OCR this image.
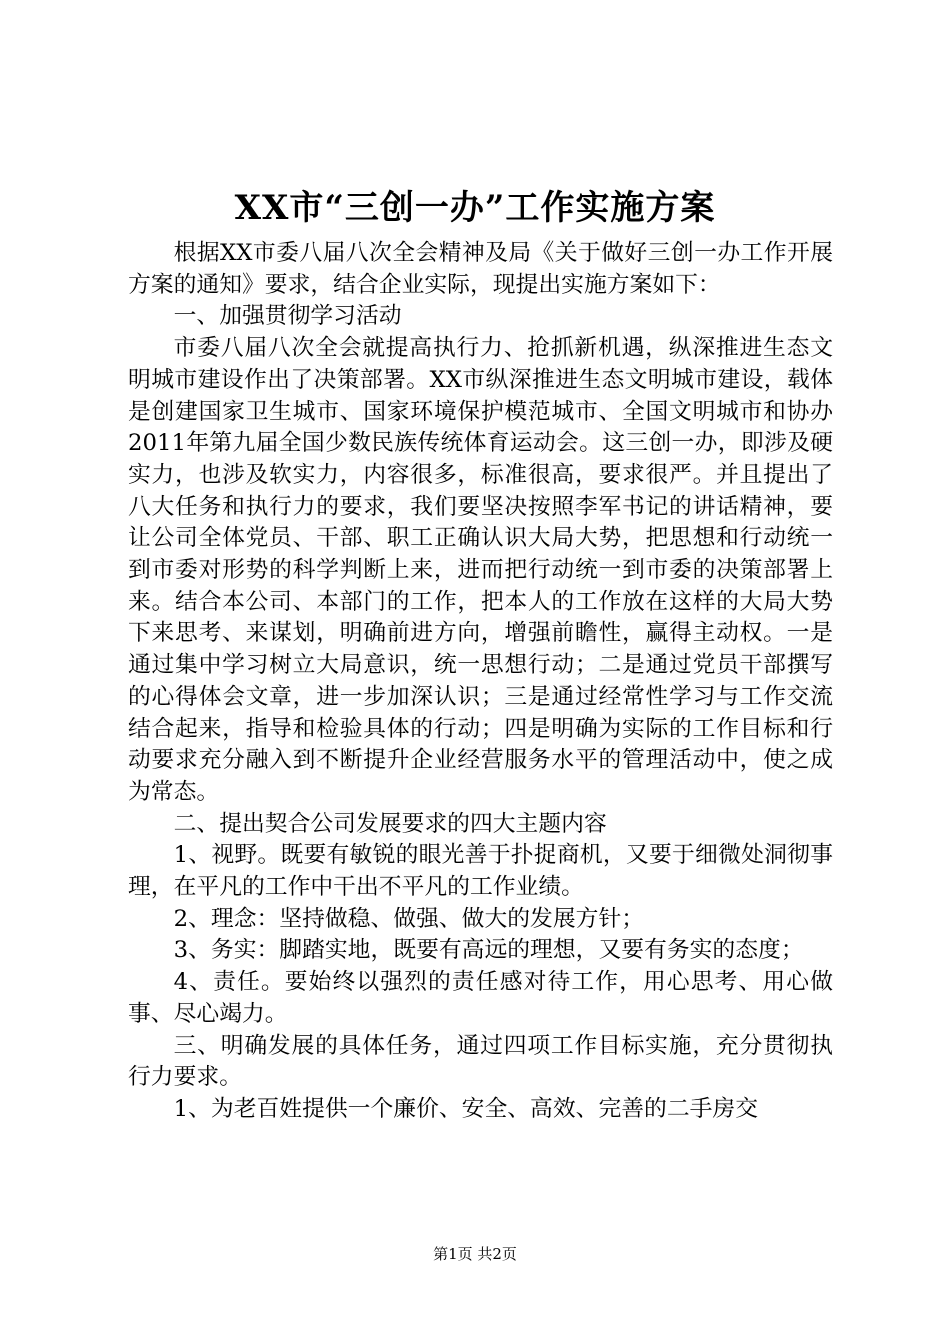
XX市“三创一办”工作实施方案

根据XX市委八届八次全会精神及局《关于做好三创一办工作开展方案的通知》要求，结合企业实际，现提出实施方案如下：

一、加强贯彻学习活动

市委八届八次全会就提高执行力、抢抓新机遇，纵深推进生态文明城市建设作出了决策部署。XX市纵深推进生态文明城市建设，载体是创建国家卫生城市、国家环境保护模范城市、全国文明城市和协办2011年第九届全国少数民族传统体育运动会。这三创一办，即涉及硬实力，也涉及软实力，内容很多，标准很高，要求很严。并且提出了八大任务和执行力的要求，我们要坚决按照李军书记的讲话精神，要让公司全体党员、干部、职工正确认识大局大势，把思想和行动统一到市委对形势的科学判断上来，进而把行动统一到市委的决策部署上来。结合本公司、本部门的工作，把本人的工作放在这样的大局大势下来思考、来谋划，明确前进方向，增强前瞻性，赢得主动权。一是通过集中学习树立大局意识，统一思想行动；二是通过党员干部撰写的心得体会文章，进一步加深认识；三是通过经常性学习与工作交流结合起来，指导和检验具体的行动；四是明确为实际的工作目标和行动要求充分融入到不断提升企业经营服务水平的管理活动中，使之成为常态。

二、提出契合公司发展要求的四大主题内容

1、视野。既要有敏锐的眼光善于扑捉商机，又要于细微处洞彻事理，在平凡的工作中干出不平凡的工作业绩。

2、理念：坚持做稳、做强、做大的发展方针；

3、务实：脚踏实地，既要有高远的理想，又要有务实的态度；

4、责任。要始终以强烈的责任感对待工作，用心思考、用心做事、尽心竭力。

三、明确发展的具体任务，通过四项工作目标实施，充分贯彻执行力要求。

1、为老百姓提供一个廉价、安全、高效、完善的二手房交

第1页 共2页
